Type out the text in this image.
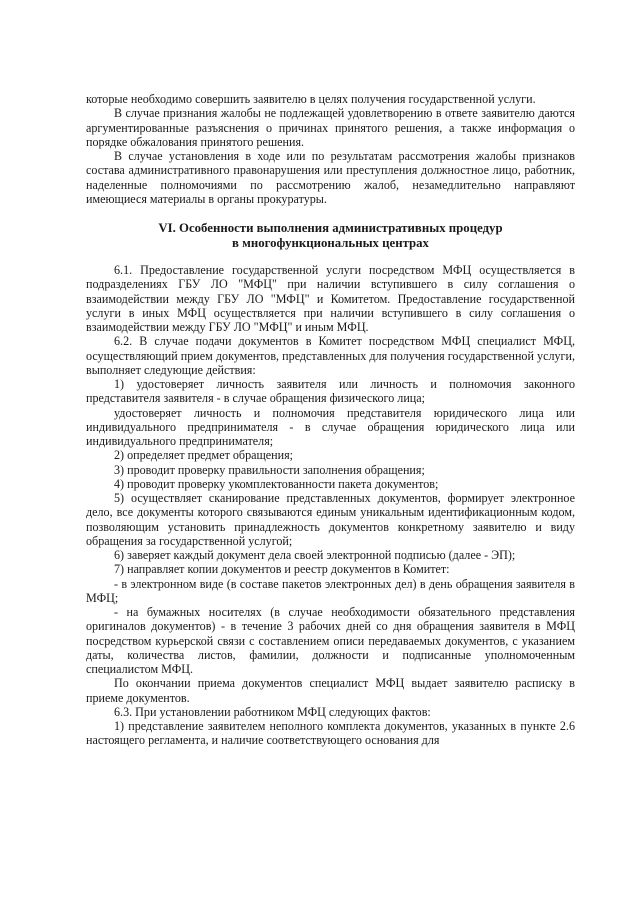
которые необходимо совершить заявителю в целях получения государственной услуги.

В случае признания жалобы не подлежащей удовлетворению в ответе заявителю даются аргументированные разъяснения о причинах принятого решения, а также информация о порядке обжалования принятого решения.

В случае установления в ходе или по результатам рассмотрения жалобы признаков состава административного правонарушения или преступления должностное лицо, работник, наделенные полномочиями по рассмотрению жалоб, незамедлительно направляют имеющиеся материалы в органы прокуратуры.

VI. Особенности выполнения административных процедур
в многофункциональных центрах

6.1. Предоставление государственной услуги посредством МФЦ осуществляется в подразделениях ГБУ ЛО "МФЦ" при наличии вступившего в силу соглашения о взаимодействии между ГБУ ЛО "МФЦ" и Комитетом. Предоставление государственной услуги в иных МФЦ осуществляется при наличии вступившего в силу соглашения о взаимодействии между ГБУ ЛО "МФЦ" и иным МФЦ.

6.2. В случае подачи документов в Комитет посредством МФЦ специалист МФЦ, осуществляющий прием документов, представленных для получения государственной услуги, выполняет следующие действия:

1) удостоверяет личность заявителя или личность и полномочия законного представителя заявителя - в случае обращения физического лица;

удостоверяет личность и полномочия представителя юридического лица или индивидуального предпринимателя - в случае обращения юридического лица или индивидуального предпринимателя;

2) определяет предмет обращения;

3) проводит проверку правильности заполнения обращения;

4) проводит проверку укомплектованности пакета документов;

5) осуществляет сканирование представленных документов, формирует электронное дело, все документы которого связываются единым уникальным идентификационным кодом, позволяющим установить принадлежность документов конкретному заявителю и виду обращения за государственной услугой;

6) заверяет каждый документ дела своей электронной подписью (далее - ЭП);

7) направляет копии документов и реестр документов в Комитет:

- в электронном виде (в составе пакетов электронных дел) в день обращения заявителя в МФЦ;

- на бумажных носителях (в случае необходимости обязательного представления оригиналов документов) - в течение 3 рабочих дней со дня обращения заявителя в МФЦ посредством курьерской связи с составлением описи передаваемых документов, с указанием даты, количества листов, фамилии, должности и подписанные уполномоченным специалистом МФЦ.

По окончании приема документов специалист МФЦ выдает заявителю расписку в приеме документов.

6.3. При установлении работником МФЦ следующих фактов:

1) представление заявителем неполного комплекта документов, указанных в пункте 2.6 настоящего регламента, и наличие соответствующего основания для
